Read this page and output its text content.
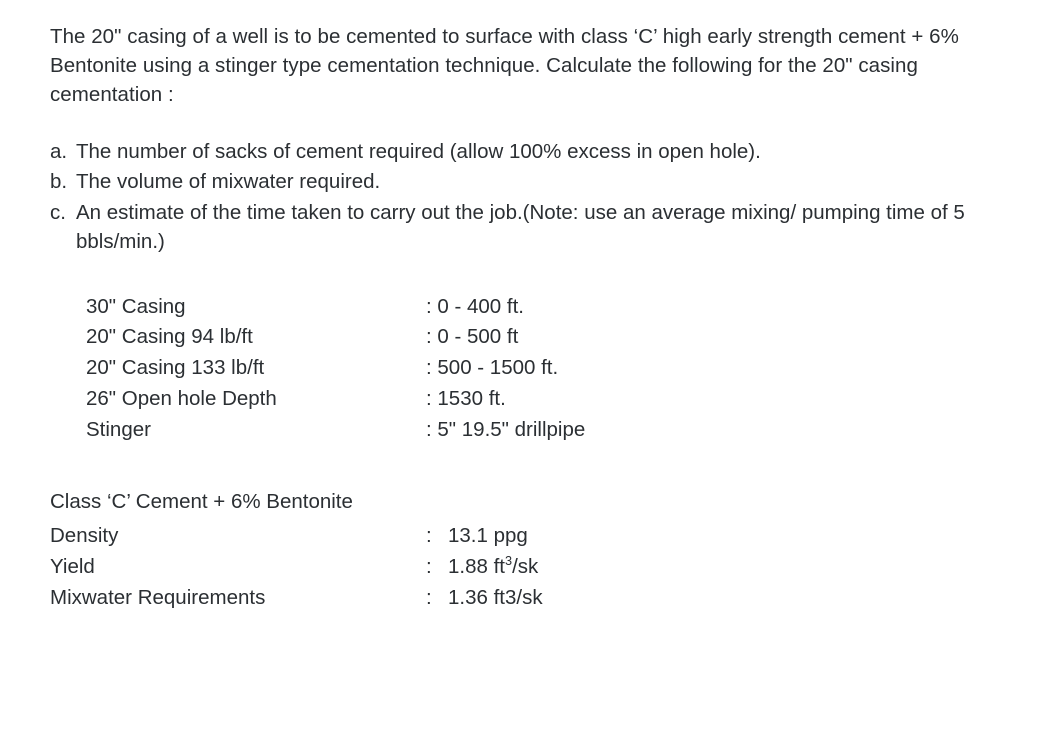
The 20" casing of a well is to be cemented to surface with class ‘C’ high early strength cement + 6% Bentonite using a stinger type cementation technique. Calculate the following for the 20" casing cementation :

a. The number of sacks of cement required (allow 100% excess in open hole).
b. The volume of mixwater required.
c. An estimate of the time taken to carry out the job.(Note: use an average mixing/ pumping time of 5 bbls/min.)
30" Casing	: 0 - 400 ft.
20" Casing 94 lb/ft	: 0 - 500 ft
20" Casing 133 lb/ft	: 500 - 1500 ft.
26" Open hole Depth	: 1530 ft.
Stinger	: 5" 19.5" drillpipe
Class ‘C’ Cement + 6% Bentonite
Density	:	13.1 ppg
Yield	:	1.88 $ft^3/sk$
Mixwater Requirements	:	1.36 ft3/sk
